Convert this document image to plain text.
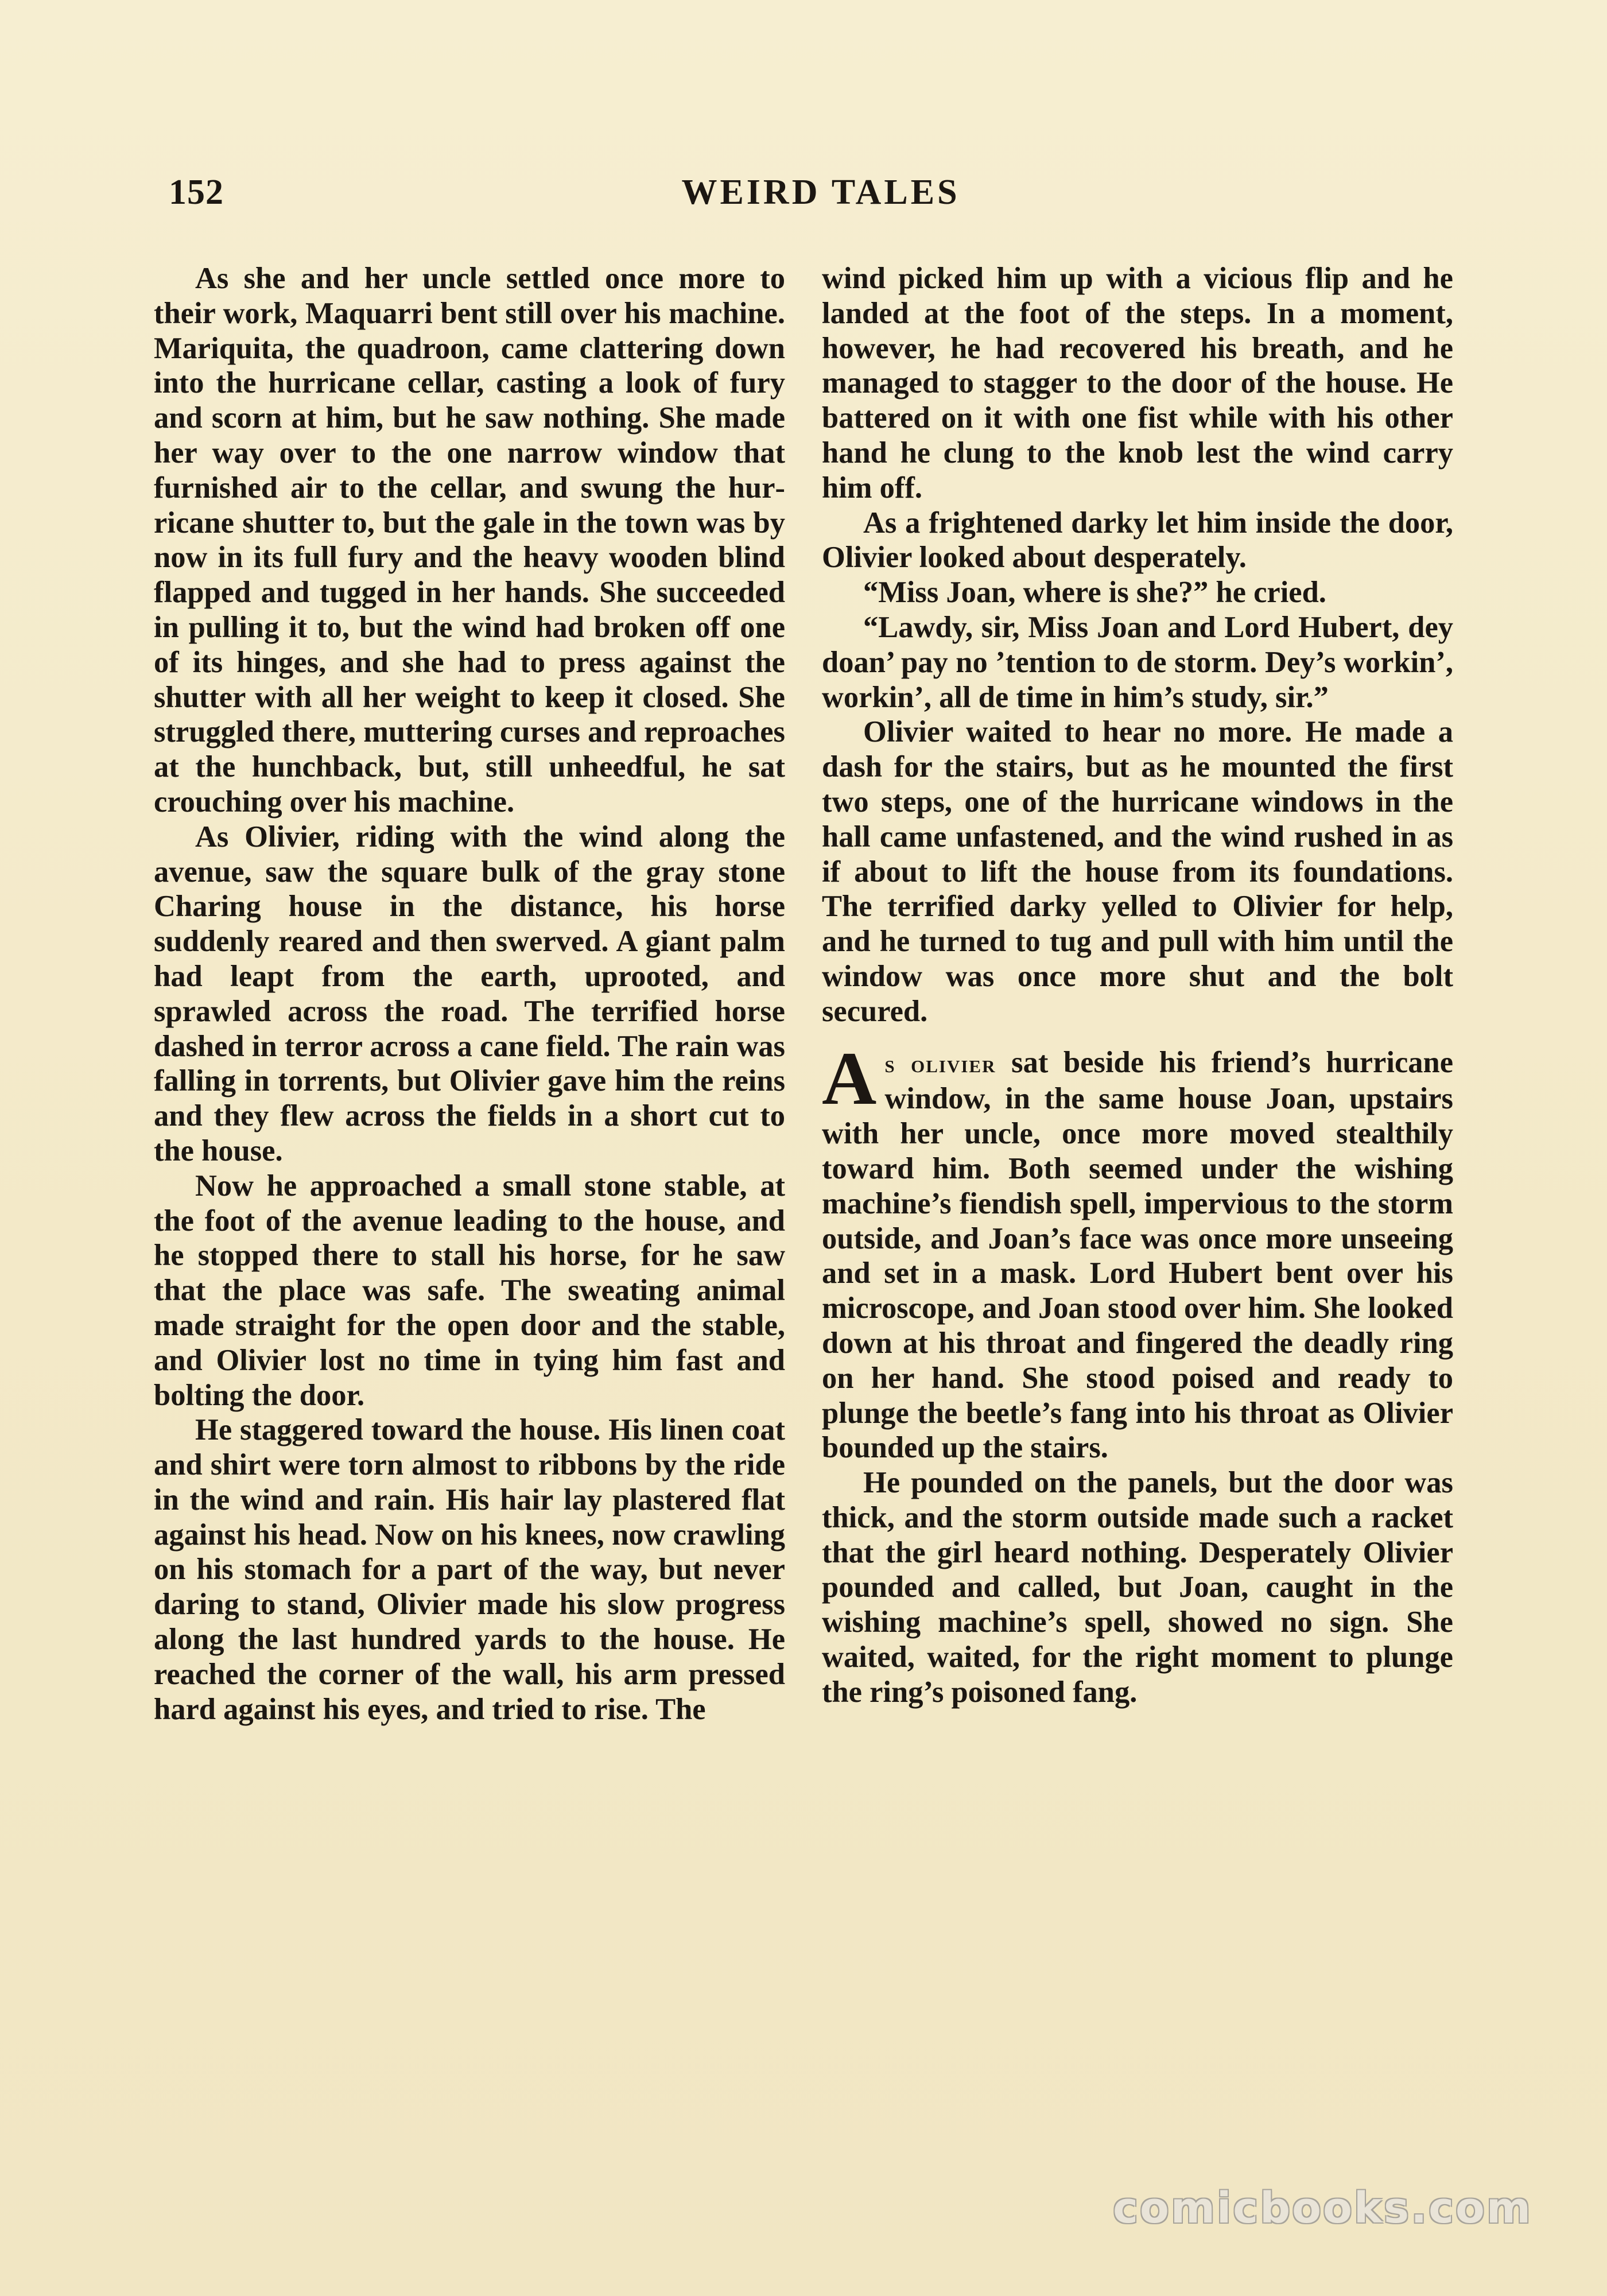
152	WEIRD TALES

As she and her uncle settled once more to their work, Maquarri bent still over his machine. Mariquita, the quadroon, came clattering down into the hurricane cellar, casting a look of fury and scorn at him, but he saw nothing. She made her way over to the one narrow window that furnished air to the cellar, and swung the hurricane shutter to, but the gale in the town was by now in its full fury and the heavy wooden blind flapped and tugged in her hands. She succeeded in pulling it to, but the wind had broken off one of its hinges, and she had to press against the shutter with all her weight to keep it closed. She struggled there, muttering curses and reproaches at the hunchback, but, still unheedful, he sat crouching over his machine.

As Olivier, riding with the wind along the avenue, saw the square bulk of the gray stone Charing house in the distance, his horse suddenly reared and then swerved. A giant palm had leapt from the earth, uprooted, and sprawled across the road. The terrified horse dashed in terror across a cane field. The rain was falling in torrents, but Olivier gave him the reins and they flew across the fields in a short cut to the house.

Now he approached a small stone stable, at the foot of the avenue leading to the house, and he stopped there to stall his horse, for he saw that the place was safe. The sweating animal made straight for the open door and the stable, and Olivier lost no time in tying him fast and bolting the door.

He staggered toward the house. His linen coat and shirt were torn almost to ribbons by the ride in the wind and rain. His hair lay plastered flat against his head. Now on his knees, now crawling on his stomach for a part of the way, but never daring to stand, Olivier made his slow progress along the last hundred yards to the house. He reached the corner of the wall, his arm pressed hard against his eyes, and tried to rise. The

wind picked him up with a vicious flip and he landed at the foot of the steps. In a moment, however, he had recovered his breath, and he managed to stagger to the door of the house. He battered on it with one fist while with his other hand he clung to the knob lest the wind carry him off.

As a frightened darky let him inside the door, Olivier looked about desperately.

“Miss Joan, where is she?” he cried.

“Lawdy, sir, Miss Joan and Lord Hubert, dey doan’ pay no ’tention to de storm. Dey’s workin’, workin’, all de time in him’s study, sir.”

Olivier waited to hear no more. He made a dash for the stairs, but as he mounted the first two steps, one of the hurricane windows in the hall came unfastened, and the wind rushed in as if about to lift the house from its foundations. The terrified darky yelled to Olivier for help, and he turned to tug and pull with him until the window was once more shut and the bolt secured.

As olivier sat beside his friend’s hurricane window, in the same house Joan, upstairs with her uncle, once more moved stealthily toward him. Both seemed under the wishing machine’s fiendish spell, impervious to the storm outside, and Joan’s face was once more unseeing and set in a mask. Lord Hubert bent over his microscope, and Joan stood over him. She looked down at his throat and fingered the deadly ring on her hand. She stood poised and ready to plunge the beetle’s fang into his throat as Olivier bounded up the stairs.

He pounded on the panels, but the door was thick, and the storm outside made such a racket that the girl heard nothing. Desperately Olivier pounded and called, but Joan, caught in the wishing machine’s spell, showed no sign. She waited, waited, for the right moment to plunge the ring’s poisoned fang.

comicbooks.com
